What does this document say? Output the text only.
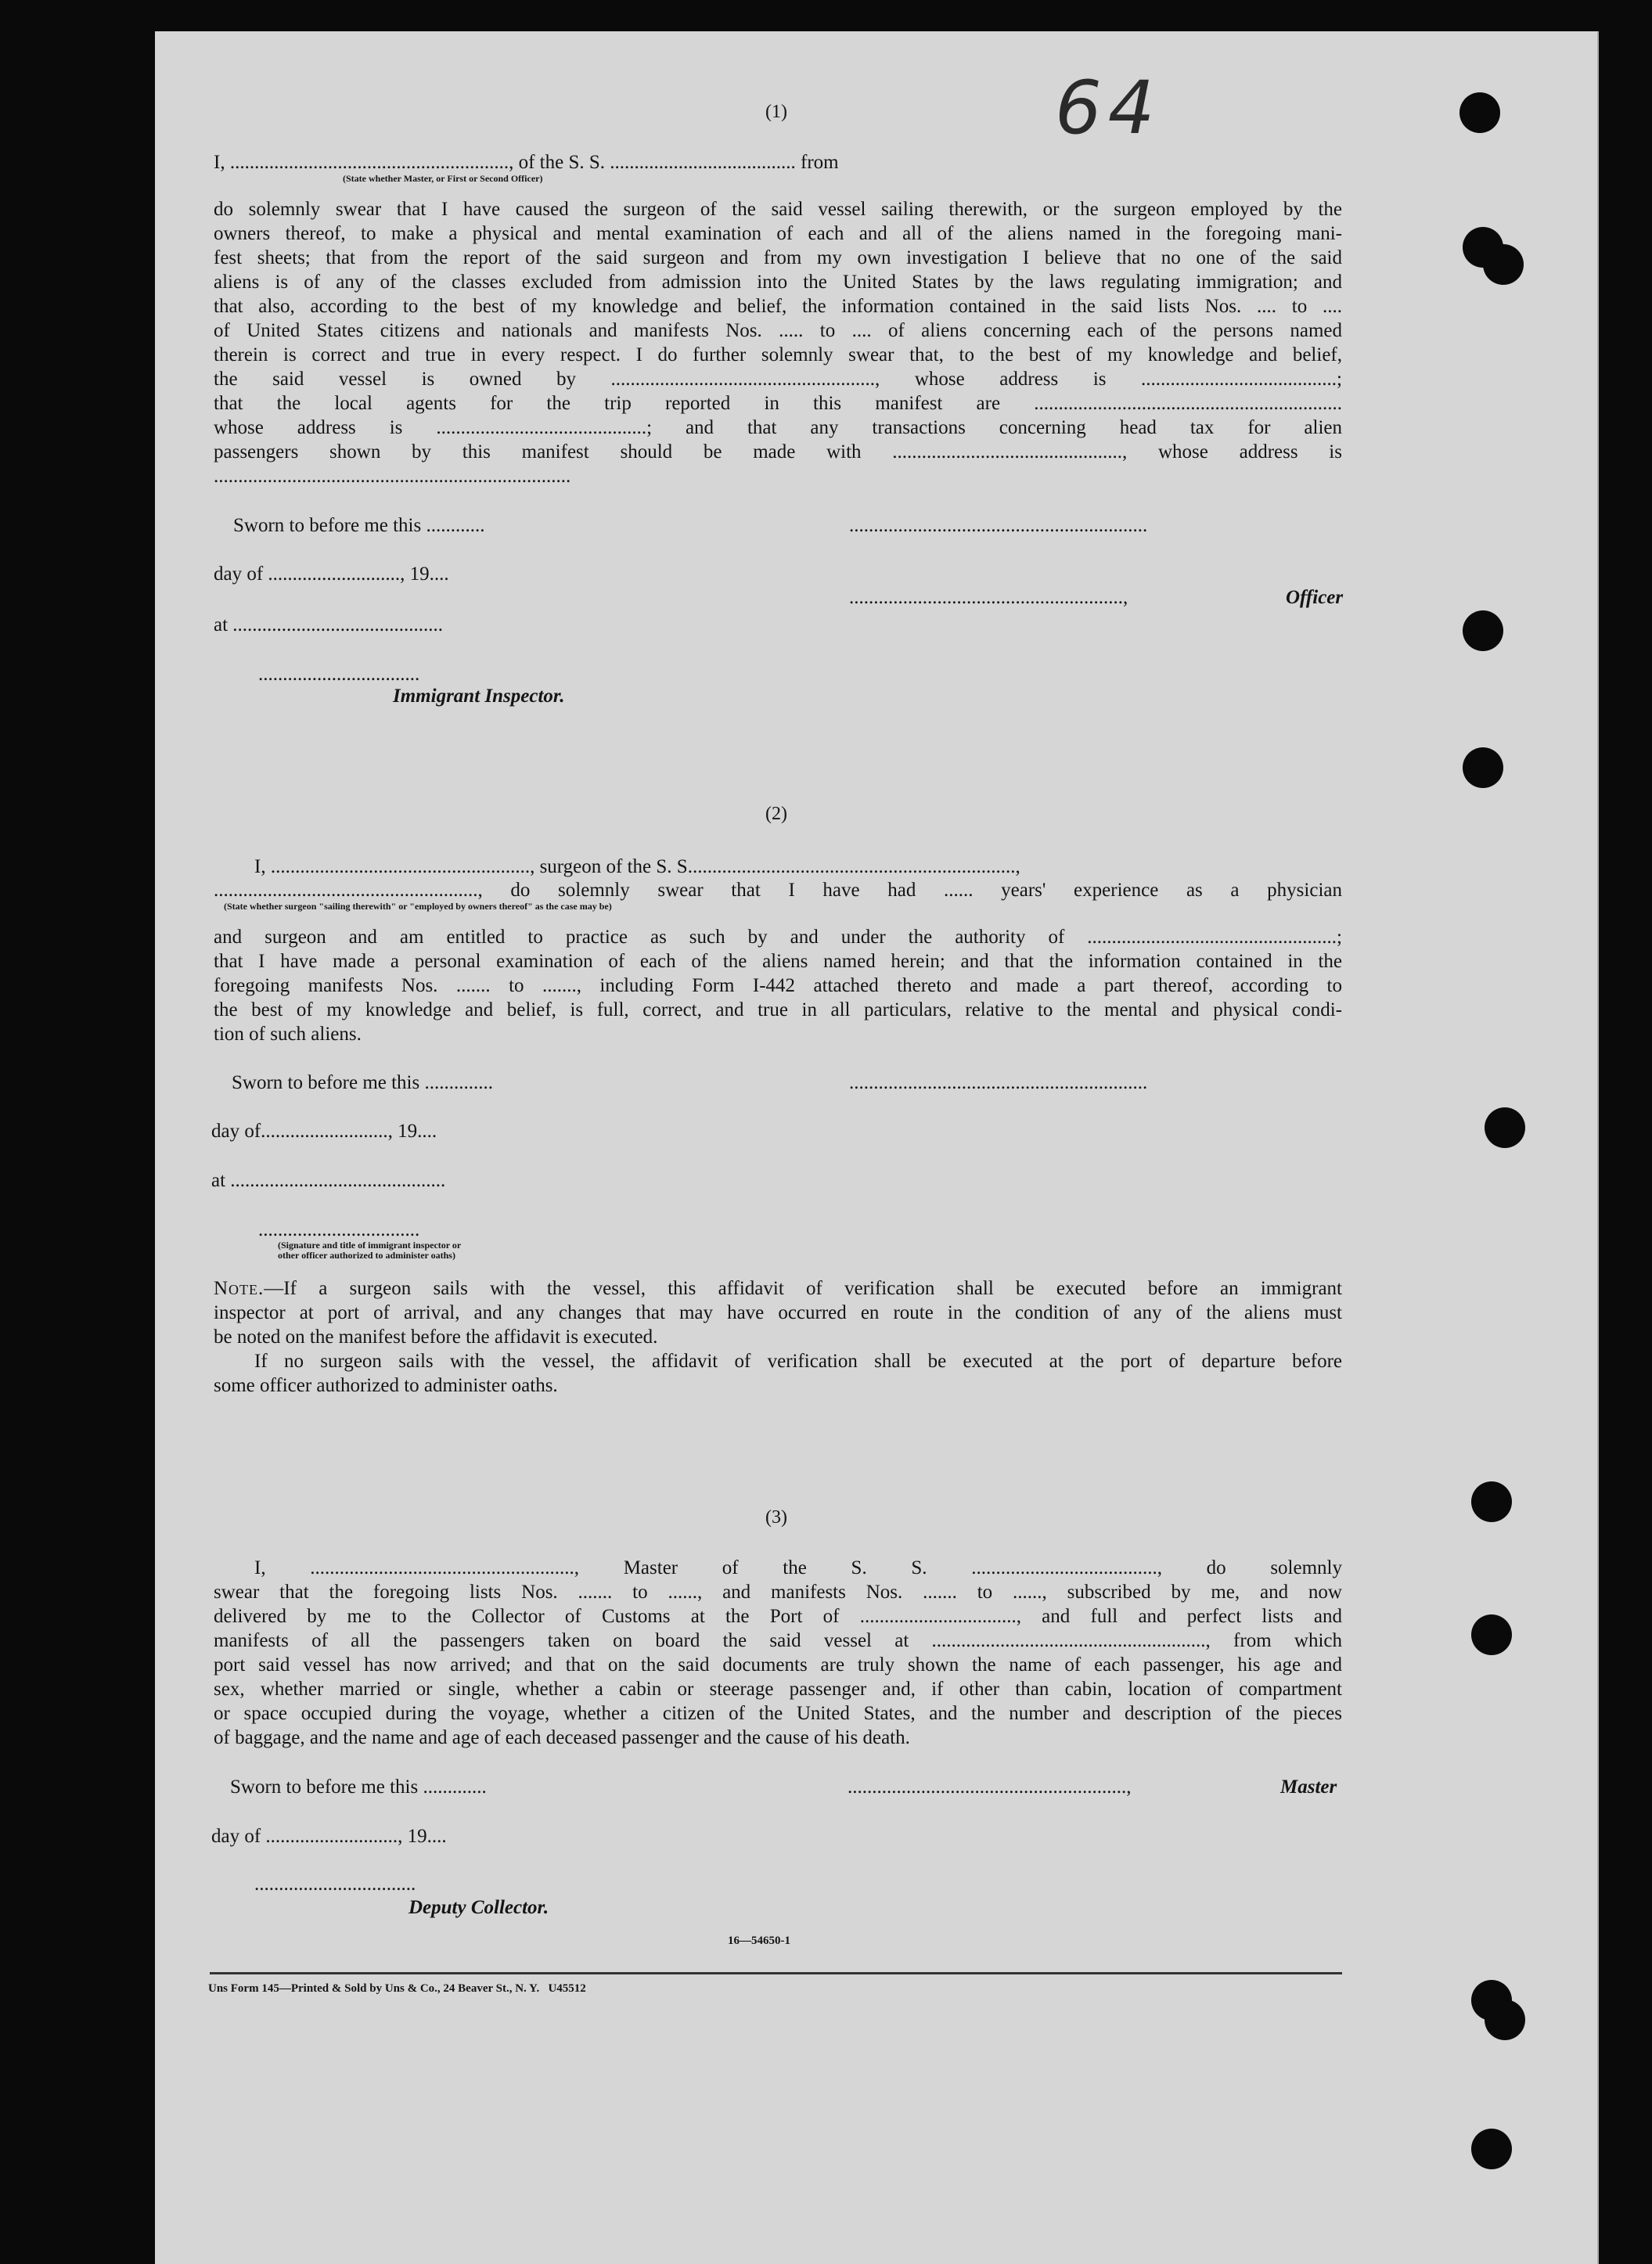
64
(1)
I, ........................................................., of the S. S. ...................................... from
(State whether Master, or First or Second Officer)
do solemnly swear that I have caused the surgeon of the said vessel sailing therewith, or the surgeon employed by the
owners thereof, to make a physical and mental examination of each and all of the aliens named in the foregoing mani-
fest sheets; that from the report of the said surgeon and from my own investigation I believe that no one of the said
aliens is of any of the classes excluded from admission into the United States by the laws regulating immigration; and
that also, according to the best of my knowledge and belief, the information contained in the said lists Nos. .... to ....
of United States citizens and nationals and manifests Nos. ..... to .... of aliens concerning each of the persons named
therein is correct and true in every respect. I do further solemnly swear that, to the best of my knowledge and belief,
the said vessel is owned by ......................................................, whose address is ........................................;
that the local agents for the trip reported in this manifest are ...............................................................
whose address is ...........................................; and that any transactions concerning head tax for alien
passengers shown by this manifest should be made with ..............................................., whose address is
.........................................................................
Sworn to before me this ............	.............................................................
day of ..........................., 19....
........................................................,	Officer
at ...........................................
.................................
Immigrant Inspector.
(2)
I, ....................................................., surgeon of the S. S...................................................................,
......................................................, do solemnly swear that I have had ...... years' experience as a physician
(State whether surgeon "sailing therewith" or "employed by owners thereof" as the case may be)
and surgeon and am entitled to practice as such by and under the authority of ...................................................;
that I have made a personal examination of each of the aliens named herein; and that the information contained in the
foregoing manifests Nos. ....... to ......., including Form I-442 attached thereto and made a part thereof, according to
the best of my knowledge and belief, is full, correct, and true in all particulars, relative to the mental and physical condi-
tion of such aliens.
Sworn to before me this ..............	.............................................................
day of.........................., 19....
at ............................................
.................................
(Signature and title of immigrant inspector or
other officer authorized to administer oaths)
Note.—If a surgeon sails with the vessel, this affidavit of verification shall be executed before an immigrant
inspector at port of arrival, and any changes that may have occurred en route in the condition of any of the aliens must
be noted on the manifest before the affidavit is executed.
If no surgeon sails with the vessel, the affidavit of verification shall be executed at the port of departure before
some officer authorized to administer oaths.
(3)
I, ......................................................, Master of the S. S. ......................................, do solemnly
swear that the foregoing lists Nos. ....... to ......, and manifests Nos. ....... to ......, subscribed by me, and now
delivered by me to the Collector of Customs at the Port of ................................, and full and perfect lists and
manifests of all the passengers taken on board the said vessel at ........................................................, from which
port said vessel has now arrived; and that on the said documents are truly shown the name of each passenger, his age and
sex, whether married or single, whether a cabin or steerage passenger and, if other than cabin, location of compartment
or space occupied during the voyage, whether a citizen of the United States, and the number and description of the pieces
of baggage, and the name and age of each deceased passenger and the cause of his death.
Sworn to before me this .............	.........................................................,	Master
day of ..........................., 19....
.................................
Deputy Collector.
16—54650-1
Uns Form 145—Printed & Sold by Uns & Co., 24 Beaver St., N. Y.   U45512
